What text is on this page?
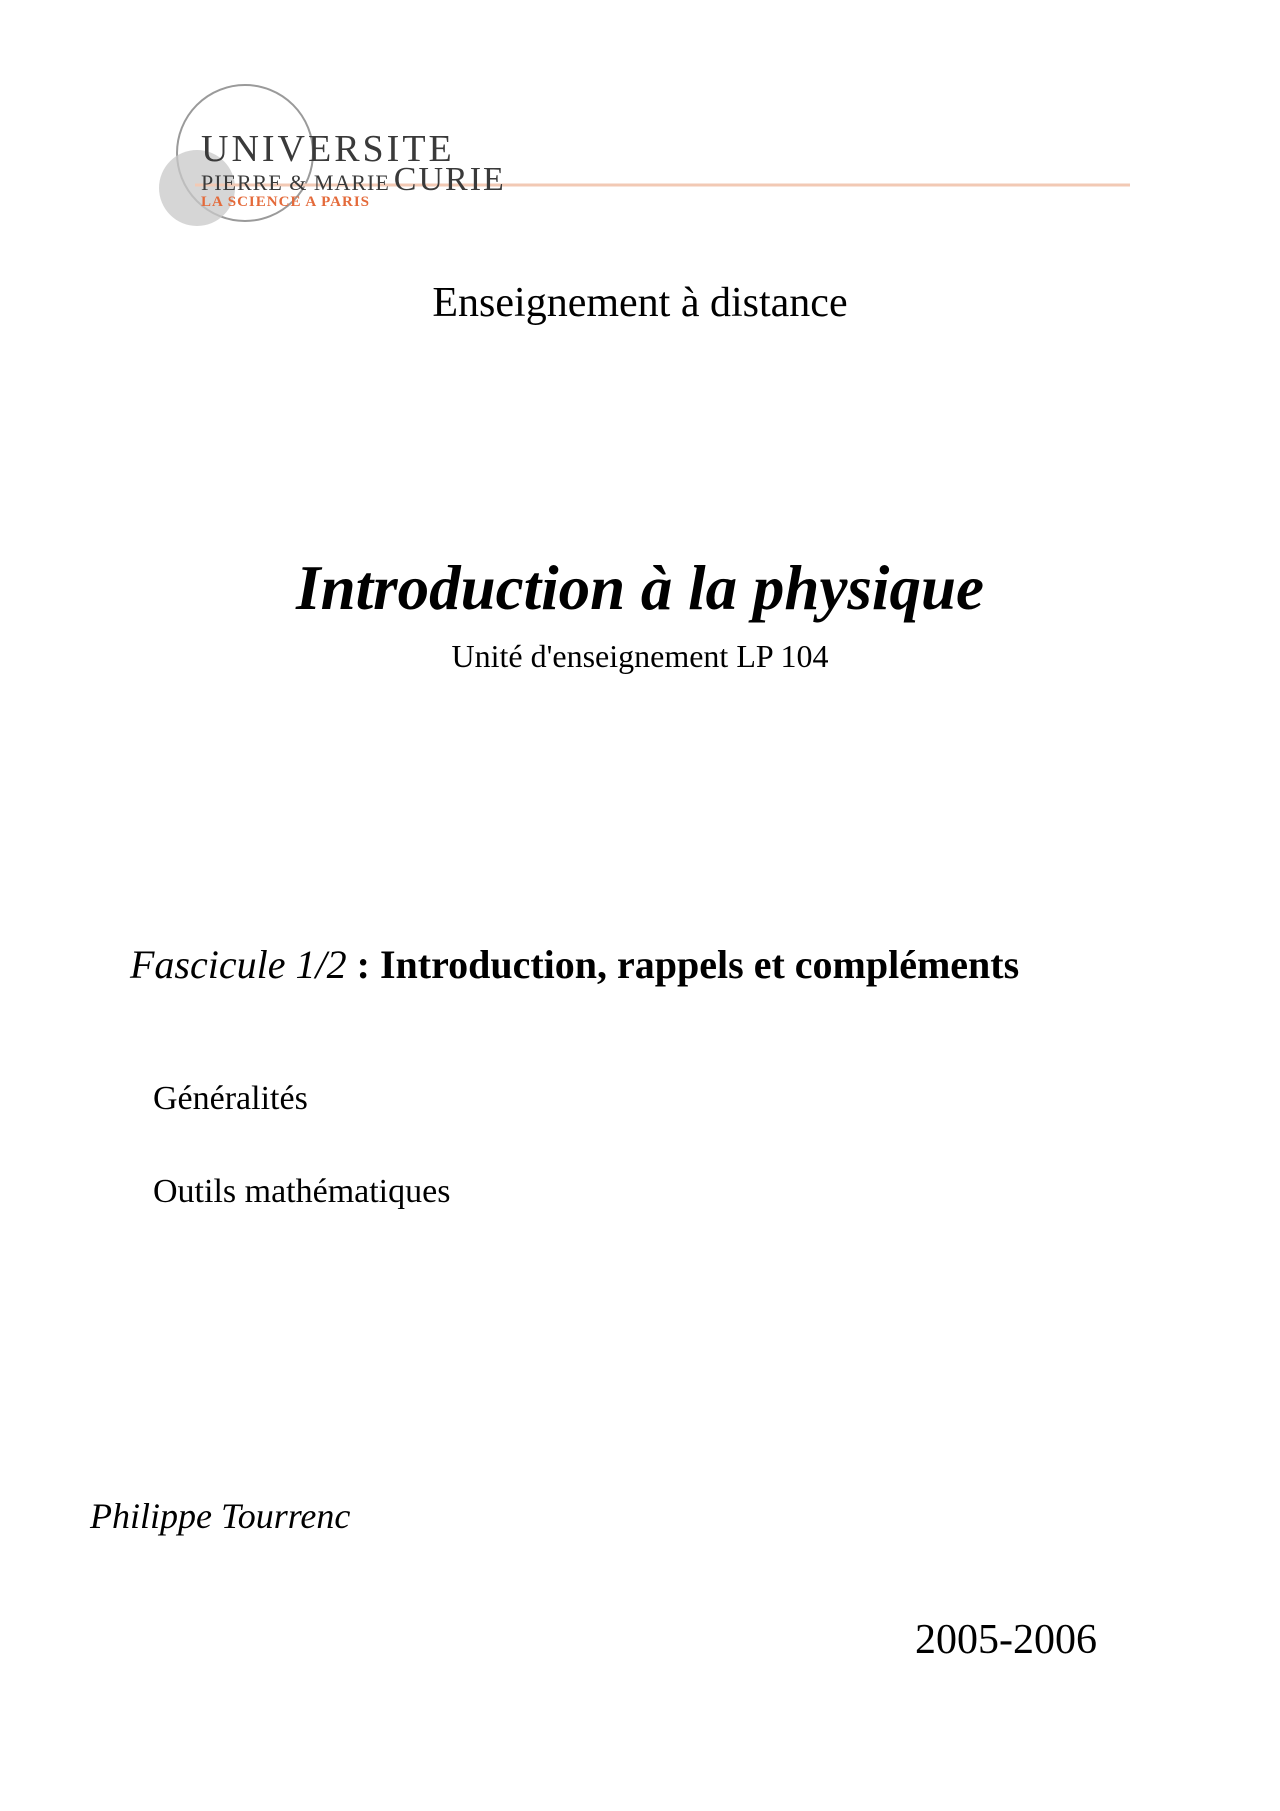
UNIVERSITE
PIERRE & MARIE CURIE
LA SCIENCE A PARIS
Enseignement à distance
Introduction à la physique
Unité d'enseignement LP 104
Fascicule 1/2 : Introduction, rappels et compléments
Généralités
Outils mathématiques
Philippe Tourrenc
2005-2006
